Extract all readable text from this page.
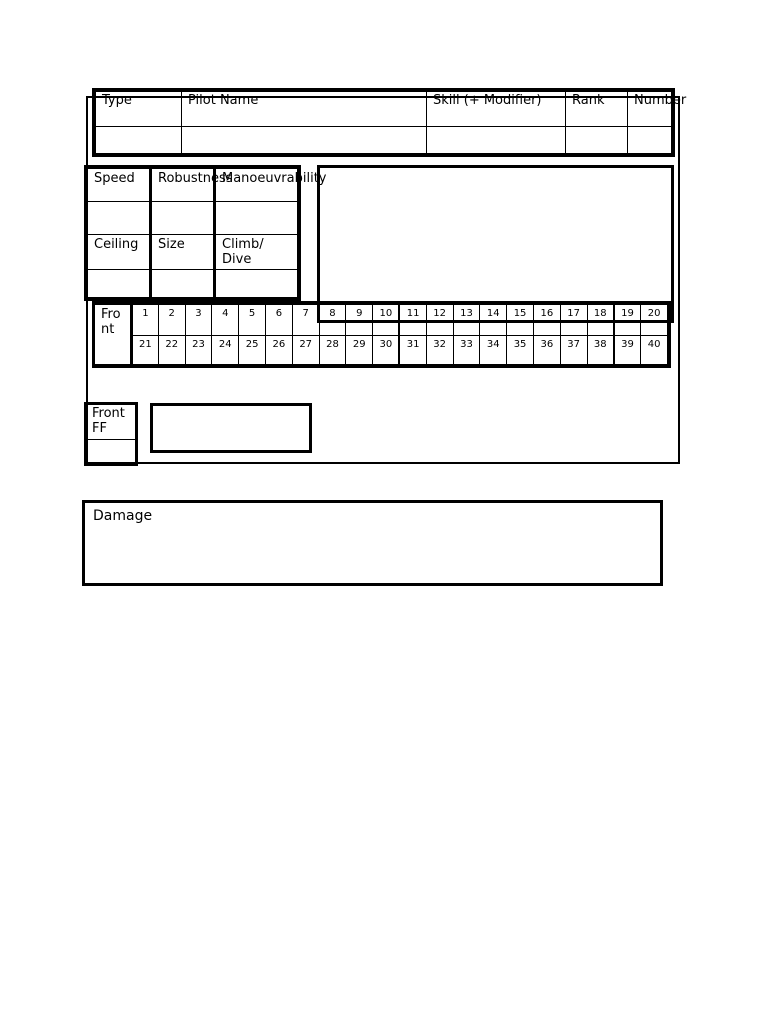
Type	Pilot Name	Skill (+ Modifier)	Rank	Number

Speed	Robustness	Manoeuvrability

Ceiling	Size	Climb/ Dive

Front	1	2	3	4	5	6	7	8	9	10	11	12	13	14	15	16	17	18	19	20
	21	22	23	24	25	26	27	28	29	30	31	32	33	34	35	36	37	38	39	40
Front FF

Damage
